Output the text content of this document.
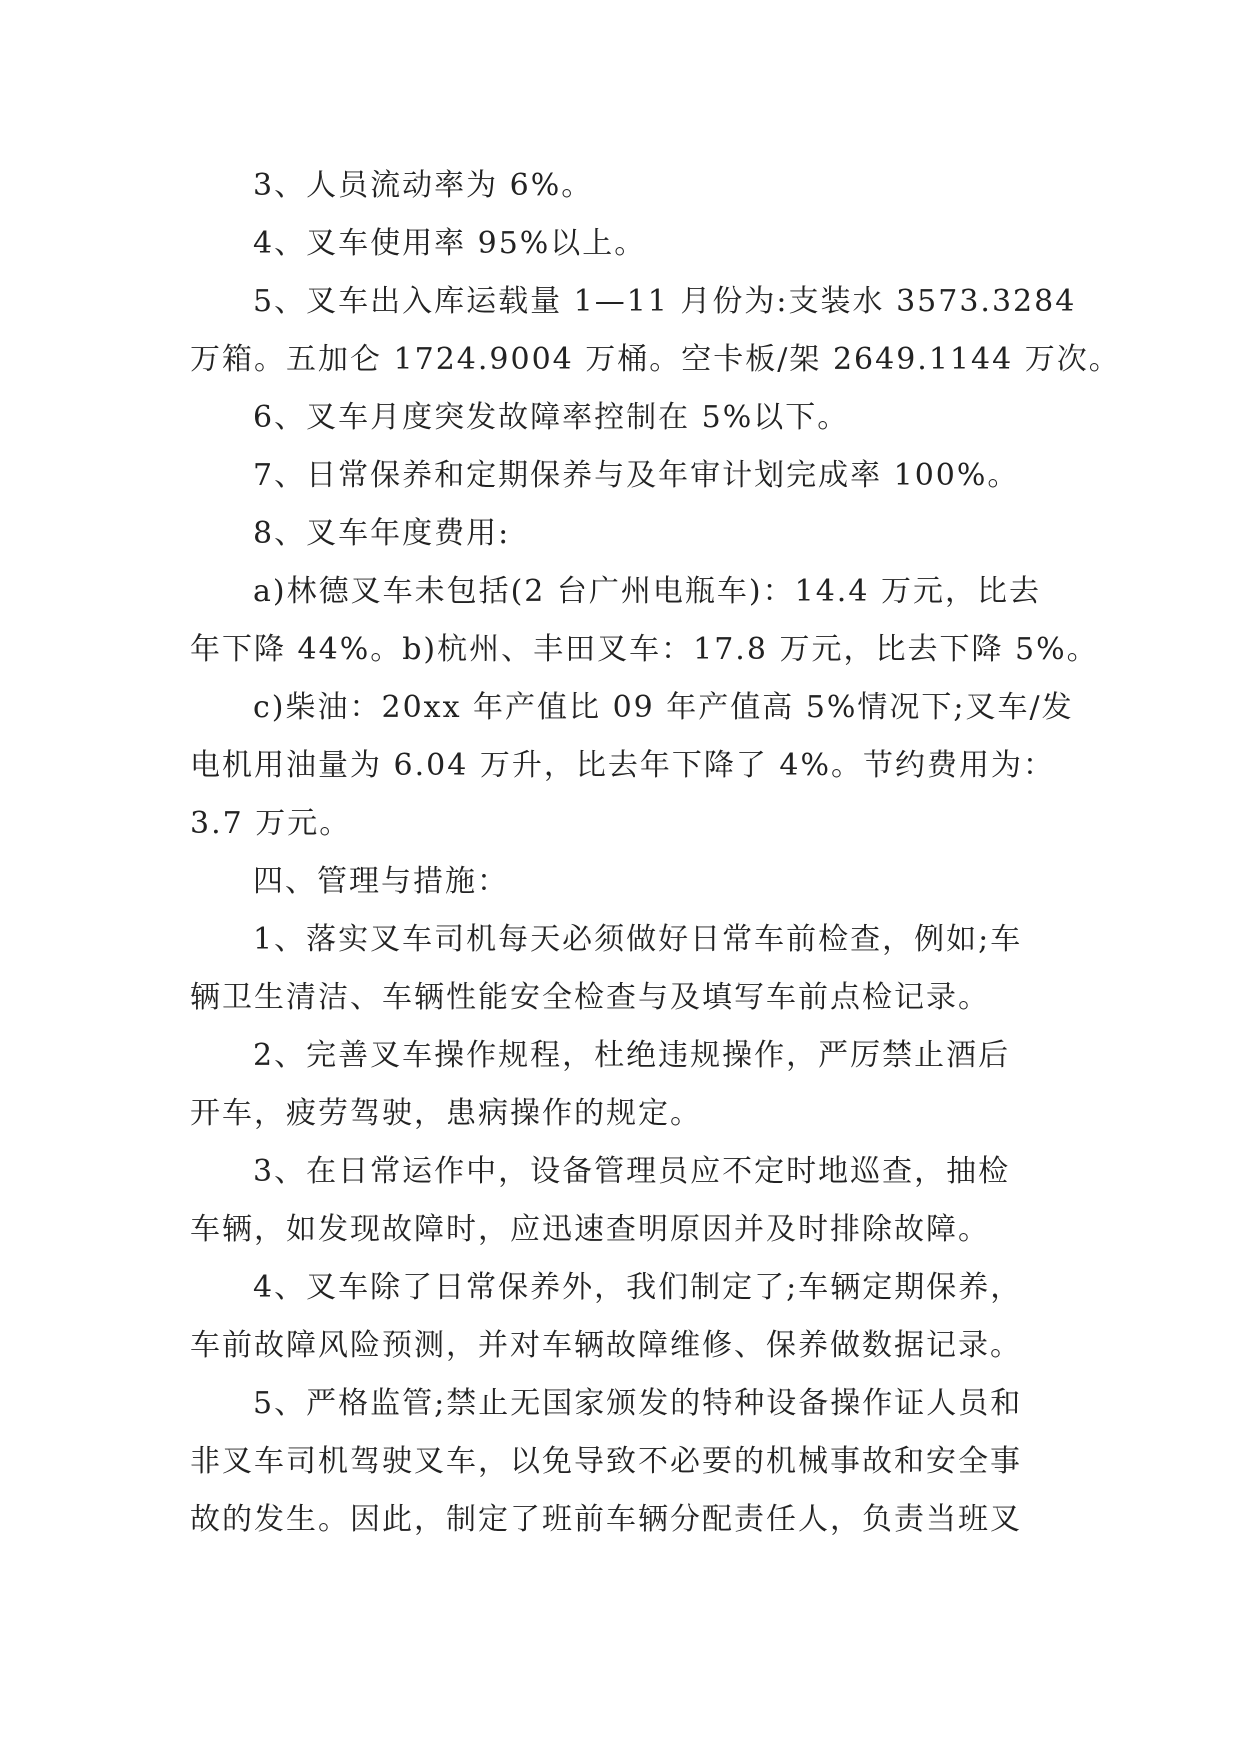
3、人员流动率为 6%。
4、叉车使用率 95%以上。
5、叉车出入库运载量 1—11 月份为:支装水 3573.3284
万箱。五加仑 1724.9004 万桶。空卡板/架 2649.1144 万次。
6、叉车月度突发故障率控制在 5%以下。
7、日常保养和定期保养与及年审计划完成率 100%。
8、叉车年度费用:
a)林德叉车未包括(2 台广州电瓶车)：14.4 万元，比去
年下降 44%。b)杭州、丰田叉车：17.8 万元，比去下降 5%。
c)柴油：20xx 年产值比 09 年产值高 5%情况下;叉车/发
电机用油量为 6.04 万升，比去年下降了 4%。节约费用为：
3.7 万元。
四、管理与措施：
1、落实叉车司机每天必须做好日常车前检查，例如;车
辆卫生清洁、车辆性能安全检查与及填写车前点检记录。
2、完善叉车操作规程，杜绝违规操作，严厉禁止酒后
开车，疲劳驾驶，患病操作的规定。
3、在日常运作中，设备管理员应不定时地巡查，抽检
车辆，如发现故障时，应迅速查明原因并及时排除故障。
4、叉车除了日常保养外，我们制定了;车辆定期保养，
车前故障风险预测，并对车辆故障维修、保养做数据记录。
5、严格监管;禁止无国家颁发的特种设备操作证人员和
非叉车司机驾驶叉车，以免导致不必要的机械事故和安全事
故的发生。因此，制定了班前车辆分配责任人，负责当班叉
